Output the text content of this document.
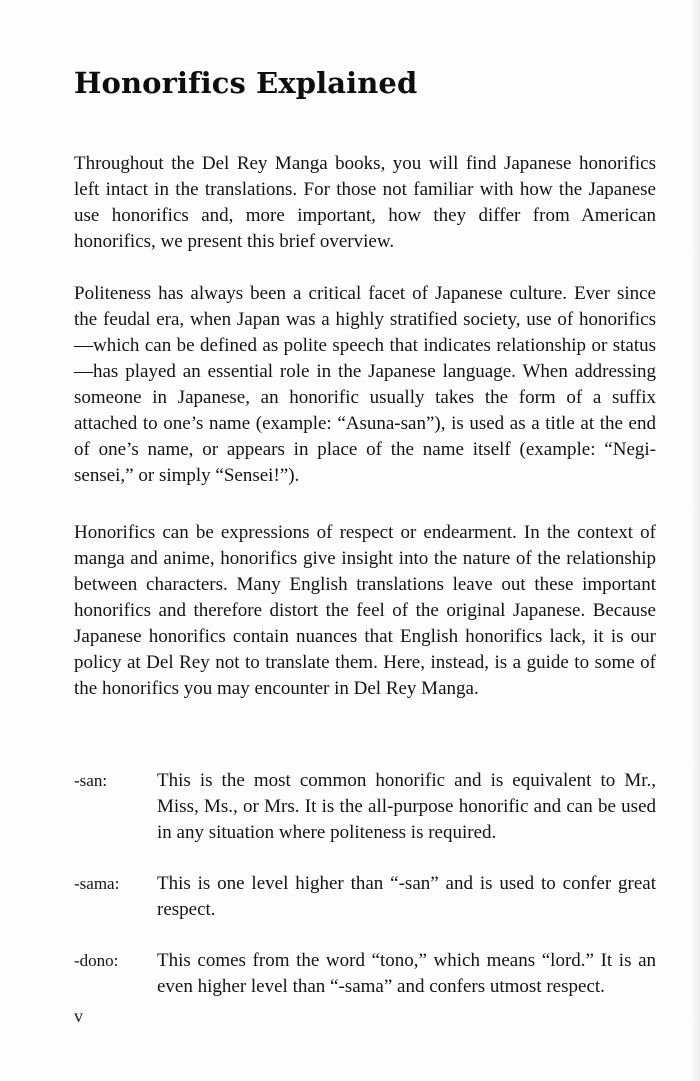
Honorifics Explained

Throughout the Del Rey Manga books, you will find Japanese honorifics left intact in the translations. For those not familiar with how the Japanese use honorifics and, more important, how they differ from American honorifics, we present this brief overview.

Politeness has always been a critical facet of Japanese culture. Ever since the feudal era, when Japan was a highly stratified society, use of honorifics—which can be defined as polite speech that indicates relationship or status—has played an essential role in the Japanese language. When addressing someone in Japanese, an honorific usually takes the form of a suffix attached to one’s name (example: “Asuna-san”), is used as a title at the end of one’s name, or appears in place of the name itself (example: “Negi-sensei,” or simply “Sensei!”).

Honorifics can be expressions of respect or endearment. In the context of manga and anime, honorifics give insight into the nature of the relationship between characters. Many English translations leave out these important honorifics and therefore distort the feel of the original Japanese. Because Japanese honorifics contain nuances that English honorifics lack, it is our policy at Del Rey not to translate them. Here, instead, is a guide to some of the honorifics you may encounter in Del Rey Manga.

-san:	This is the most common honorific and is equivalent to Mr., Miss, Ms., or Mrs. It is the all-purpose honorific and can be used in any situation where politeness is required.
-sama:	This is one level higher than “-san” and is used to confer great respect.
-dono:	This comes from the word “tono,” which means “lord.” It is an even higher level than “-sama” and confers utmost respect.
v
